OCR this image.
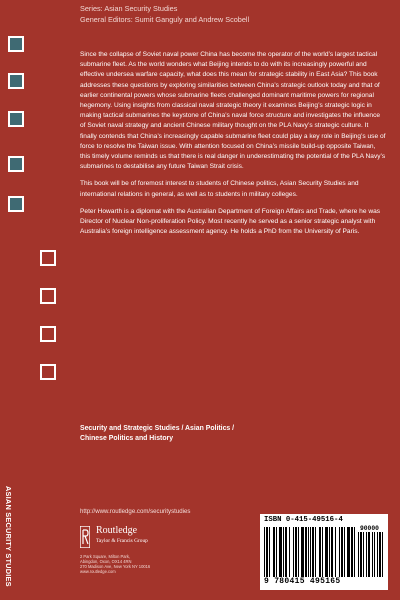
Series: Asian Security Studies
General Editors: Sumit Ganguly and Andrew Scobell

Since the collapse of Soviet naval power China has become the operator of the world’s largest tactical submarine fleet. As the world wonders what Beijing intends to do with its increasingly powerful and effective undersea warfare capacity, what does this mean for strategic stability in East Asia? This book addresses these questions by exploring similarities between China’s strategic outlook today and that of earlier continental powers whose submarine fleets challenged dominant maritime powers for regional hegemony. Using insights from classical naval strategic theory it examines Beijing’s strategic logic in making tactical submarines the keystone of China’s naval force structure and investigates the influence of Soviet naval strategy and ancient Chinese military thought on the PLA Navy’s strategic culture. It finally contends that China’s increasingly capable submarine fleet could play a key role in Beijing’s use of force to resolve the Taiwan issue. With attention focused on China’s missile build-up opposite Taiwan, this timely volume reminds us that there is real danger in underestimating the potential of the PLA Navy’s submarines to destabilise any future Taiwan Strait crisis.

This book will be of foremost interest to students of Chinese politics, Asian Security Studies and international relations in general, as well as to students in military colleges.

Peter Howarth is a diplomat with the Australian Department of Foreign Affairs and Trade, where he was Director of Nuclear Non-proliferation Policy. Most recently he served as a senior strategic analyst with Australia’s foreign intelligence assessment agency. He holds a PhD from the University of Paris.

Security and Strategic Studies / Asian Politics /
Chinese Politics and History
http://www.routledge.com/securitystudies
ASIAN SECURITY STUDIES	Routledge
Taylor & Francis Group
2 Park Square, Milton Park,
Abingdon, Oxon, OX14 4RN
270 Madison Ave, New York NY 10016
www.routledge.com
ISBN 0-415-49516-4
90000
9 780415 495165
